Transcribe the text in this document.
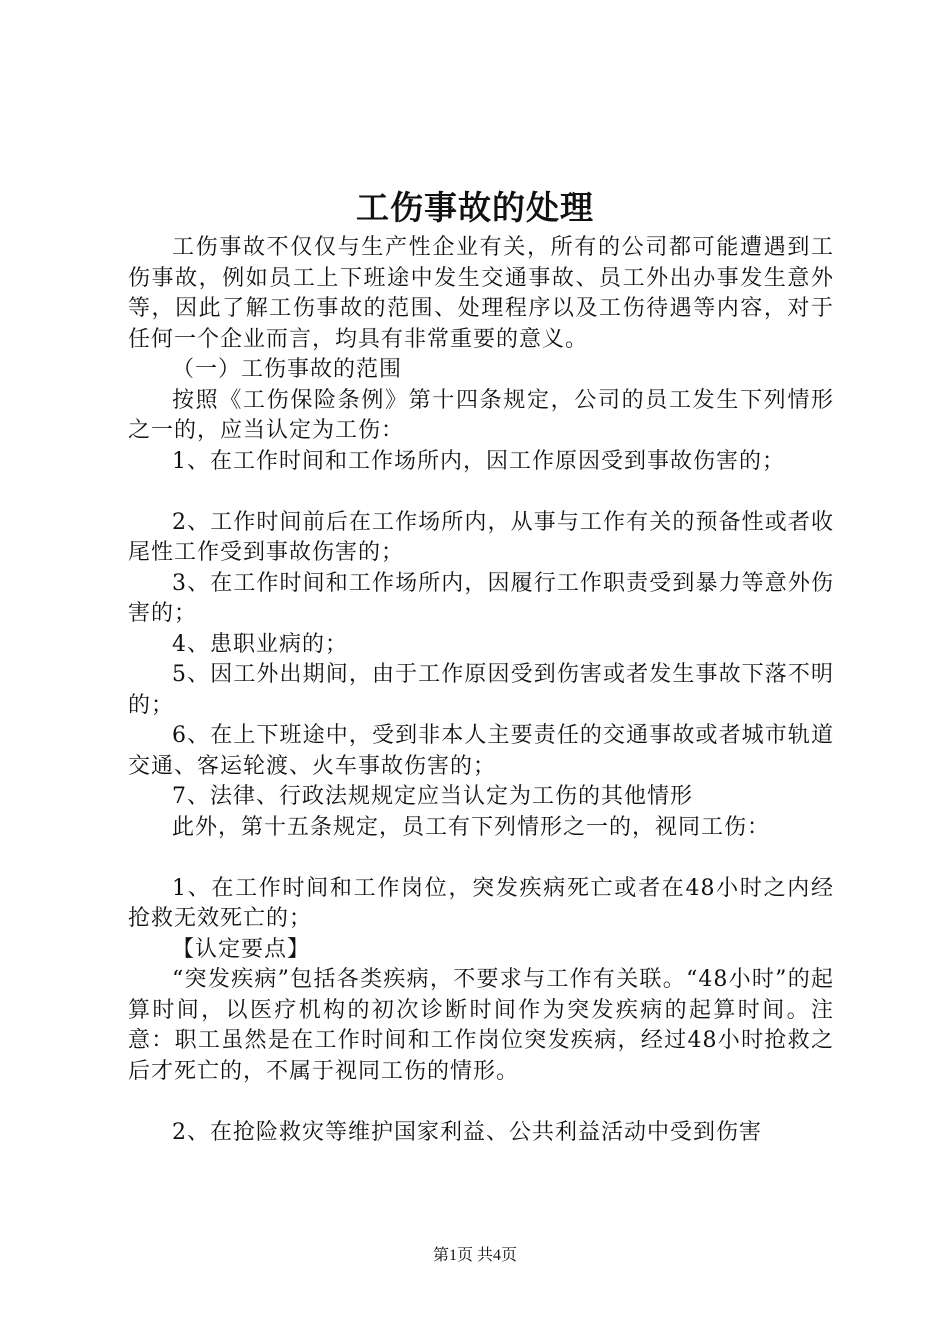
工伤事故的处理

工伤事故不仅仅与生产性企业有关，所有的公司都可能遭遇到工伤事故，例如员工上下班途中发生交通事故、员工外出办事发生意外等，因此了解工伤事故的范围、处理程序以及工伤待遇等内容，对于任何一个企业而言，均具有非常重要的意义。

（一）工伤事故的范围

按照《工伤保险条例》第十四条规定，公司的员工发生下列情形之一的，应当认定为工伤：

1、在工作时间和工作场所内，因工作原因受到事故伤害的；

2、工作时间前后在工作场所内，从事与工作有关的预备性或者收尾性工作受到事故伤害的；

3、在工作时间和工作场所内，因履行工作职责受到暴力等意外伤害的；

4、患职业病的；

5、因工外出期间，由于工作原因受到伤害或者发生事故下落不明的；

6、在上下班途中，受到非本人主要责任的交通事故或者城市轨道交通、客运轮渡、火车事故伤害的；

7、法律、行政法规规定应当认定为工伤的其他情形

此外，第十五条规定，员工有下列情形之一的，视同工伤：

1、在工作时间和工作岗位，突发疾病死亡或者在48小时之内经抢救无效死亡的；

【认定要点】

“突发疾病”包括各类疾病，不要求与工作有关联。“48小时”的起算时间，以医疗机构的初次诊断时间作为突发疾病的起算时间。注意：职工虽然是在工作时间和工作岗位突发疾病，经过48小时抢救之后才死亡的，不属于视同工伤的情形。

2、在抢险救灾等维护国家利益、公共利益活动中受到伤害

第1页 共4页
